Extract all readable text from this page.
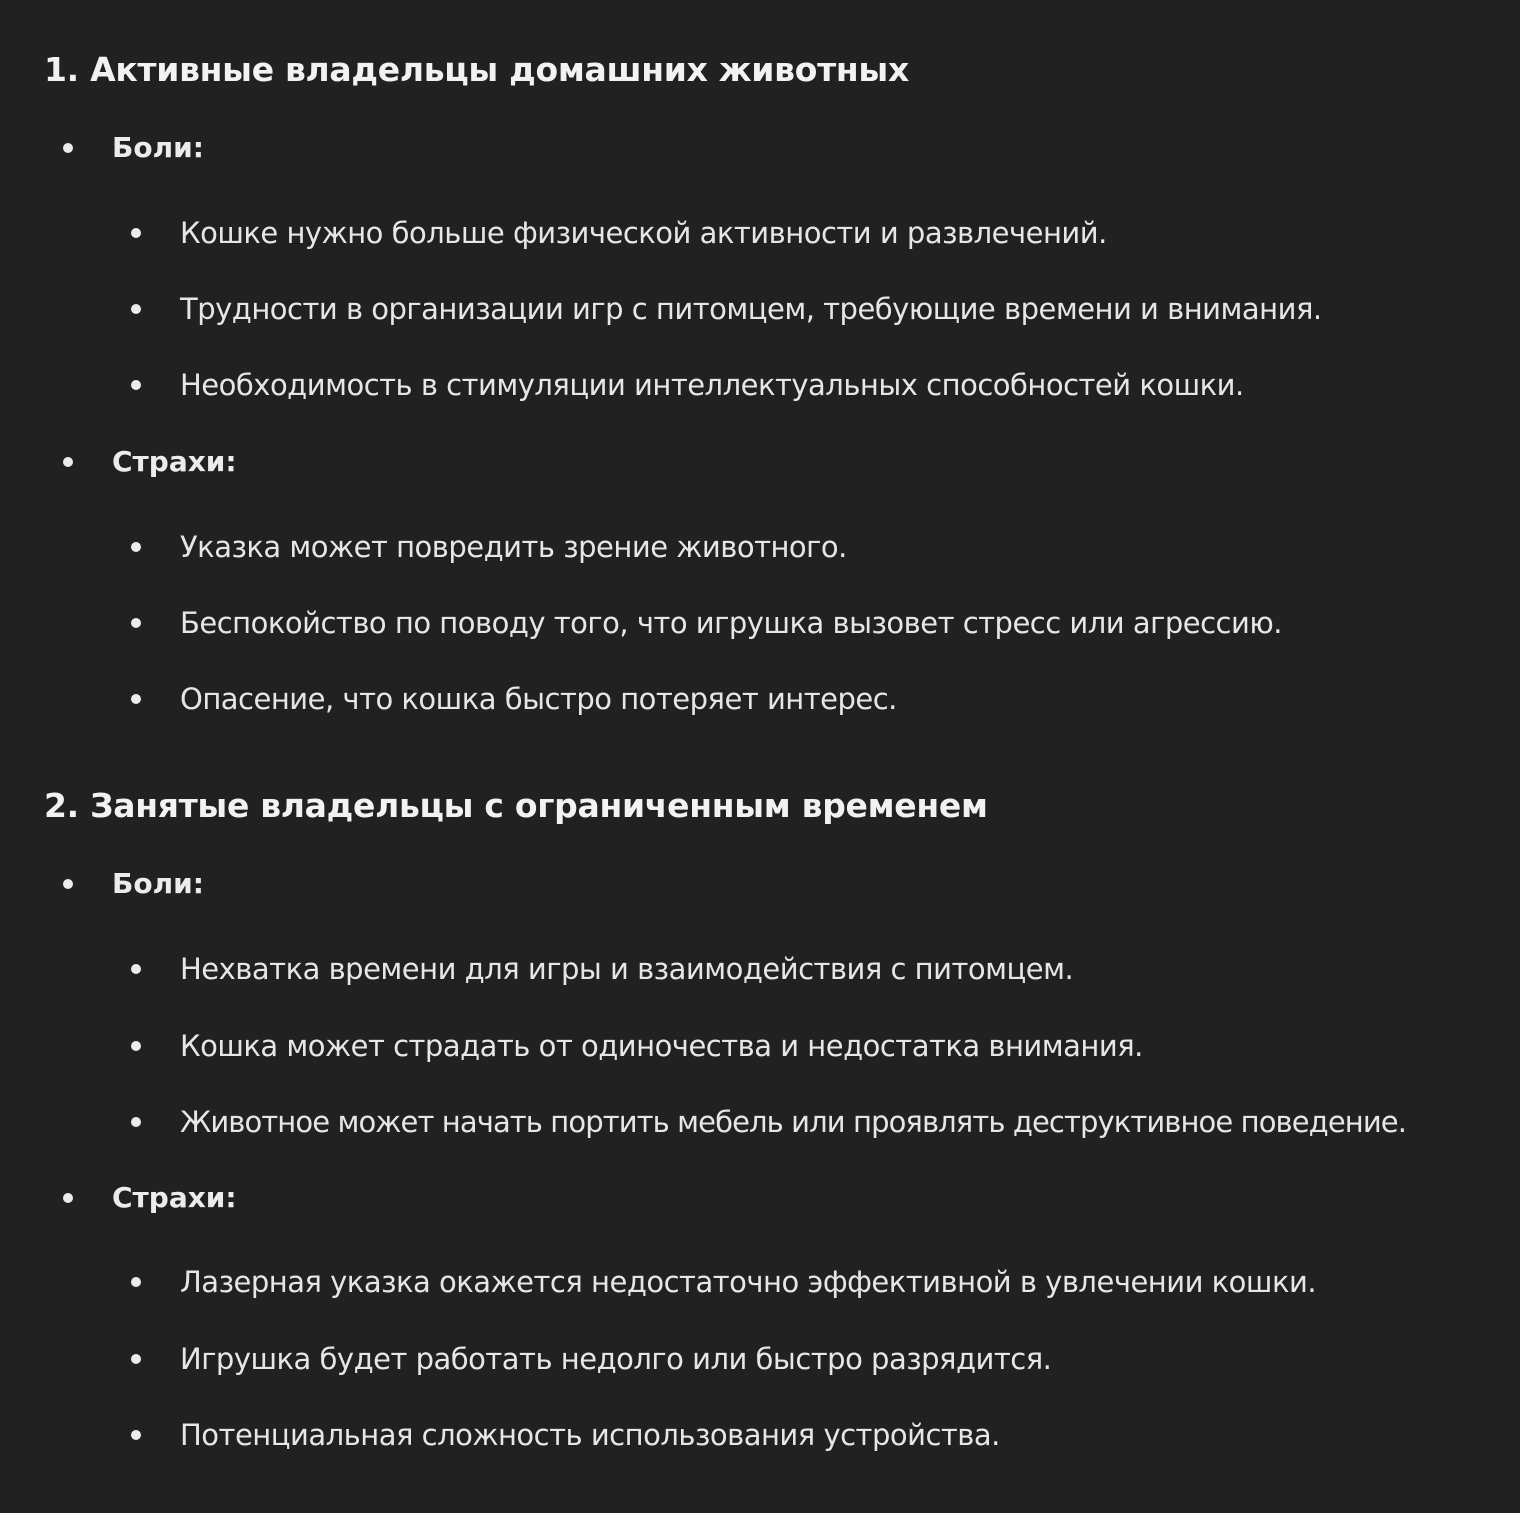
1. Активные владельцы домашних животных
Боли:
Кошке нужно больше физической активности и развлечений.
Трудности в организации игр с питомцем, требующие времени и внимания.
Необходимость в стимуляции интеллектуальных способностей кошки.
Страхи:
Указка может повредить зрение животного.
Беспокойство по поводу того, что игрушка вызовет стресс или агрессию.
Опасение, что кошка быстро потеряет интерес.
2. Занятые владельцы с ограниченным временем
Боли:
Нехватка времени для игры и взаимодействия с питомцем.
Кошка может страдать от одиночества и недостатка внимания.
Животное может начать портить мебель или проявлять деструктивное поведение.
Страхи:
Лазерная указка окажется недостаточно эффективной в увлечении кошки.
Игрушка будет работать недолго или быстро разрядится.
Потенциальная сложность использования устройства.
